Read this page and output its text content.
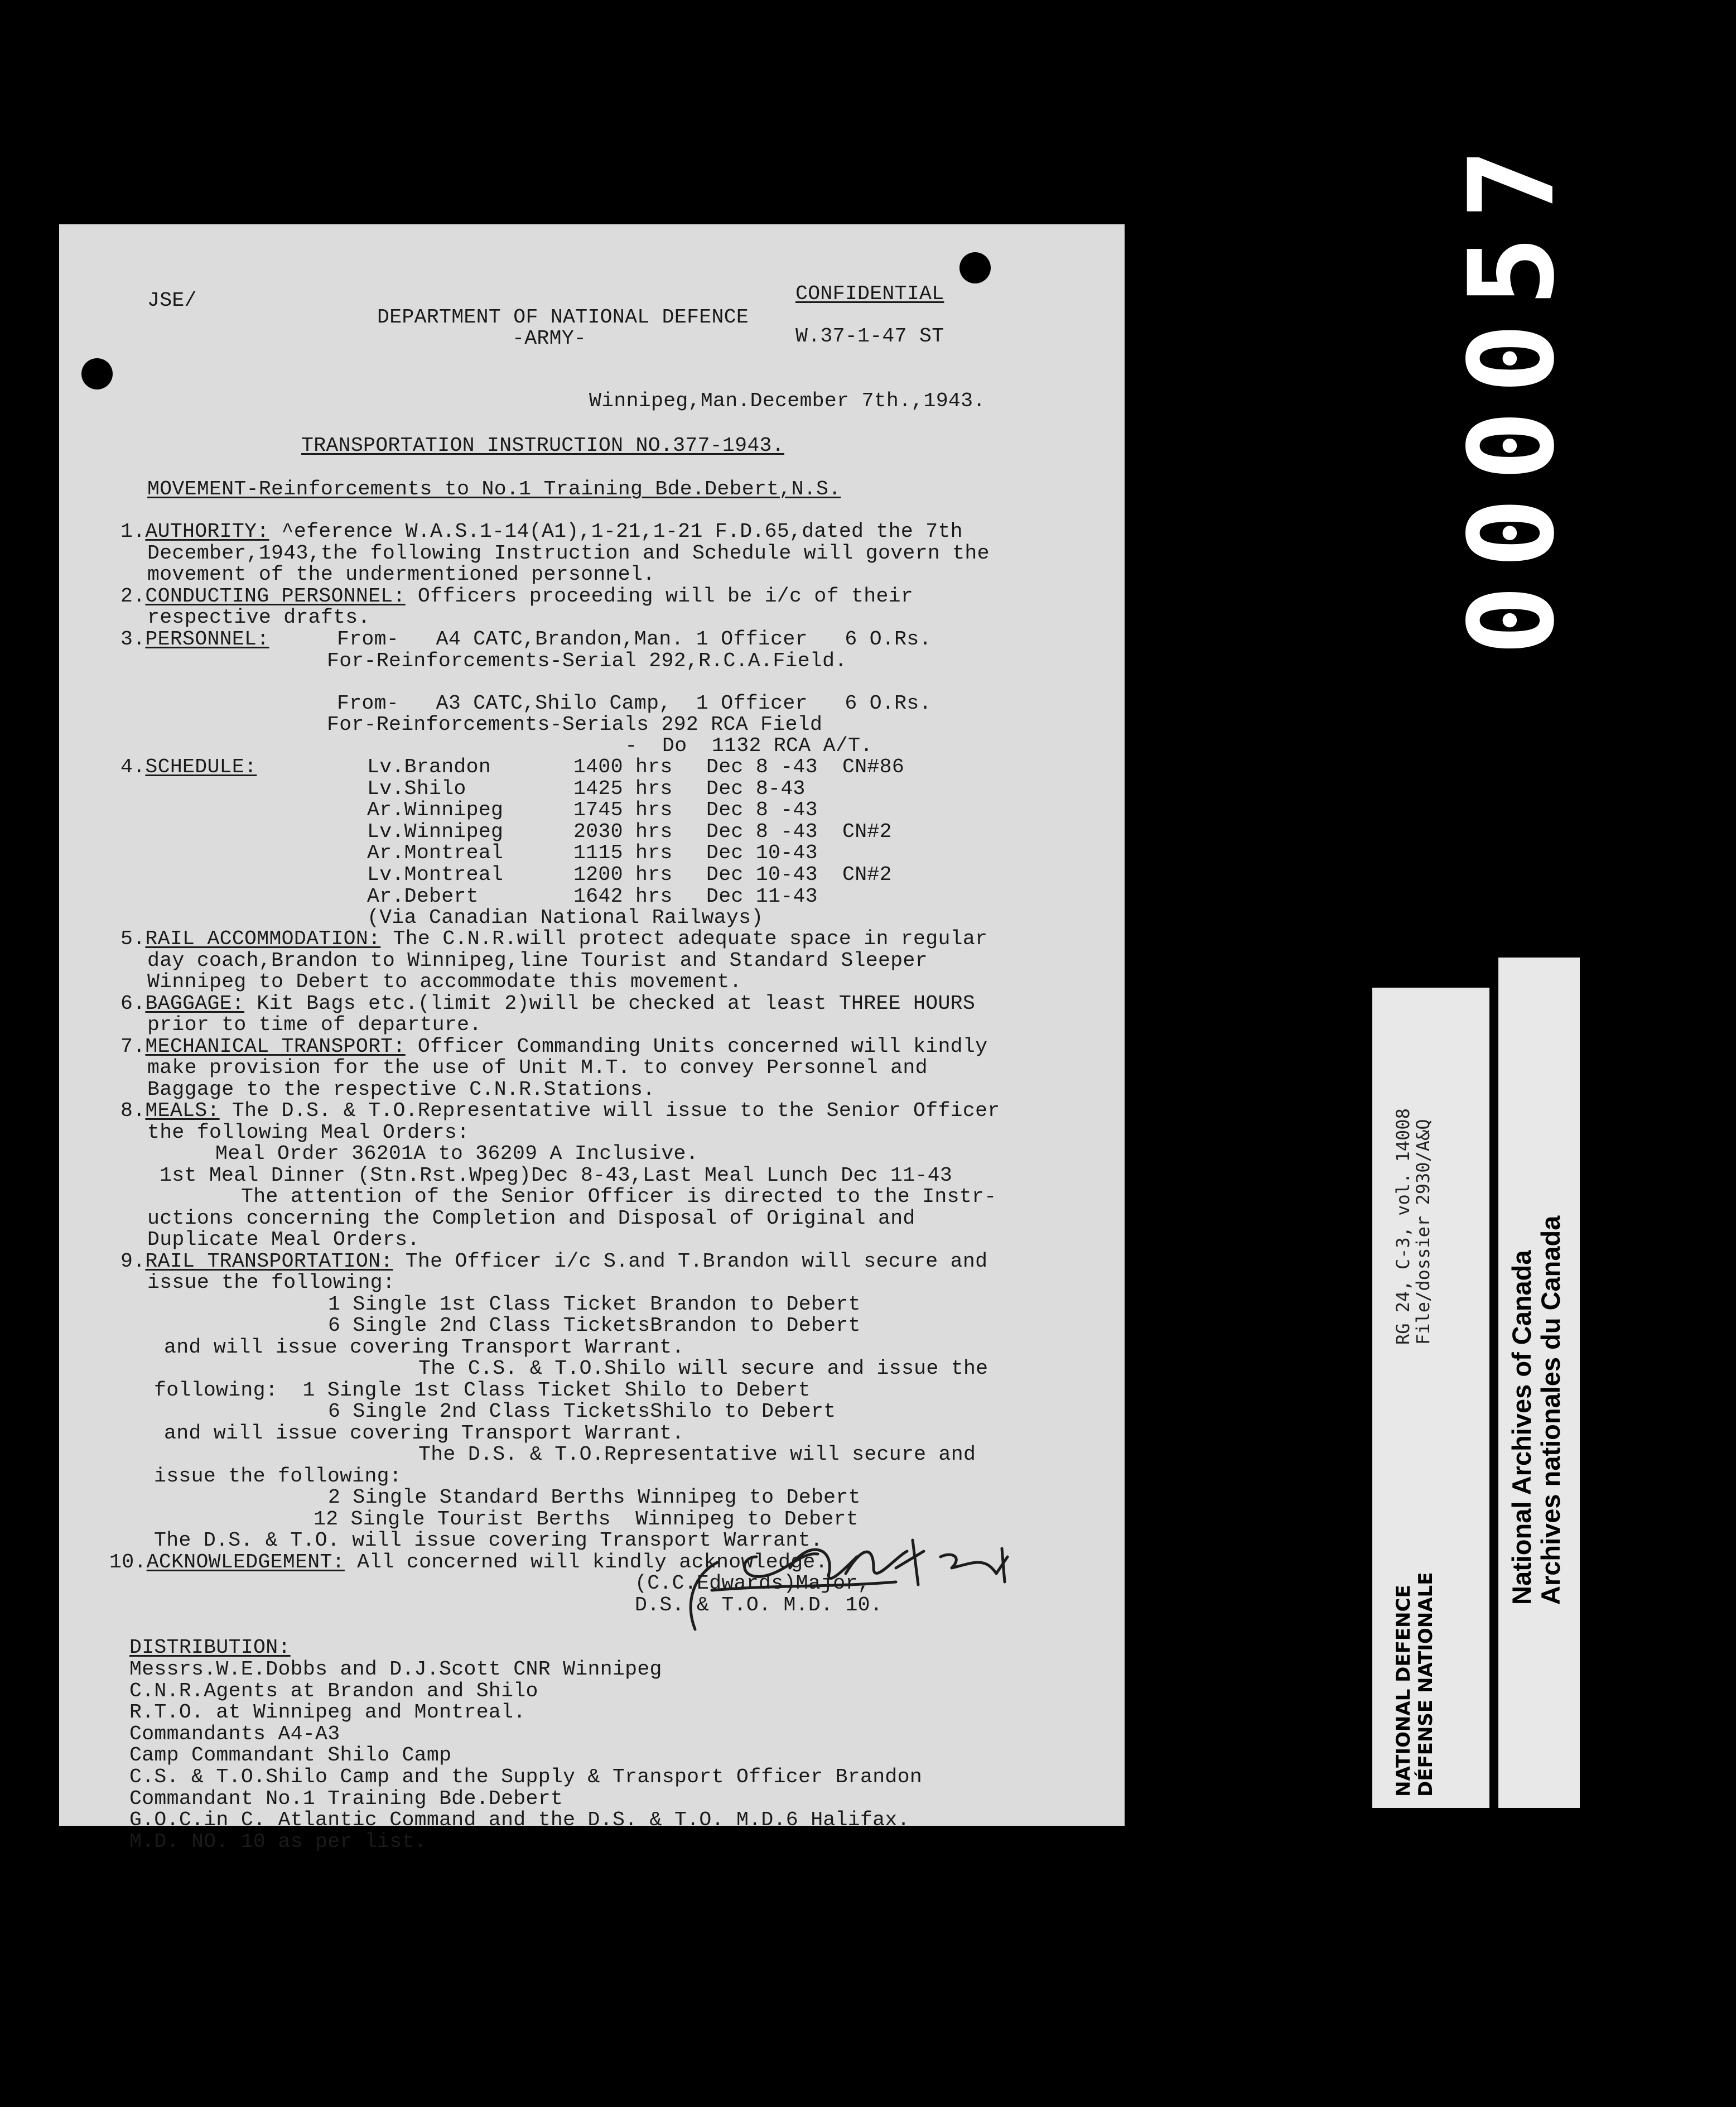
JSE/
DEPARTMENT OF NATIONAL DEFENCE
-ARMY-
CONFIDENTIAL
W.37-1-47 ST
Winnipeg,Man.December 7th.,1943.
TRANSPORTATION INSTRUCTION NO.377-1943.
MOVEMENT-Reinforcements to No.1 Training Bde.Debert,N.S.
1.AUTHORITY: ^eference W.A.S.1-14(A1),1-21,1-21 F.D.65,dated the 7th
December,1943,the following Instruction and Schedule will govern the
movement of the undermentioned personnel.
2.CONDUCTING PERSONNEL: Officers proceeding will be i/c of their
respective drafts.
3.PERSONNEL:	From-   A4 CATC,Brandon,Man. 1 Officer   6 O.Rs.
For-Reinforcements-Serial 292,R.C.A.Field.
From-   A3 CATC,Shilo Camp,  1 Officer   6 O.Rs.
For-Reinforcements-Serials 292 RCA Field
-  Do  1132 RCA A/T.
4.SCHEDULE:	Lv.Brandon	1400 hrs Dec 8 -43 CN#86
Lv.Shilo	1425 hrs Dec 8-43
Ar.Winnipeg	1745 hrs Dec 8 -43
Lv.Winnipeg	2030 hrs Dec 8 -43 CN#2
Ar.Montreal	1115 hrs Dec 10-43
Lv.Montreal	1200 hrs Dec 10-43 CN#2
Ar.Debert	1642 hrs Dec 11-43
(Via Canadian National Railways)
5.RAIL ACCOMMODATION: The C.N.R.will protect adequate space in regular
day coach,Brandon to Winnipeg,line Tourist and Standard Sleeper
Winnipeg to Debert to accommodate this movement.
6.BAGGAGE: Kit Bags etc.(limit 2)will be checked at least THREE HOURS
prior to time of departure.
7.MECHANICAL TRANSPORT: Officer Commanding Units concerned will kindly
make provision for the use of Unit M.T. to convey Personnel and
Baggage to the respective C.N.R.Stations.
8.MEALS: The D.S. & T.O.Representative will issue to the Senior Officer
the following Meal Orders:
Meal Order 36201A to 36209 A Inclusive.
1st Meal Dinner (Stn.Rst.Wpeg)Dec 8-43,Last Meal Lunch Dec 11-43
The attention of the Senior Officer is directed to the Instr-
uctions concerning the Completion and Disposal of Original and
Duplicate Meal Orders.
9.RAIL TRANSPORTATION: The Officer i/c S.and T.Brandon will secure and
issue the following:
1 Single 1st Class Ticket Brandon to Debert
6 Single 2nd Class TicketsBrandon to Debert
and will issue covering Transport Warrant.
The C.S. & T.O.Shilo will secure and issue the
following:  1 Single 1st Class Ticket Shilo to Debert
6 Single 2nd Class TicketsShilo to Debert
and will issue covering Transport Warrant.
The D.S. & T.O.Representative will secure and
issue the following:
2 Single Standard Berths Winnipeg to Debert
12 Single Tourist Berths  Winnipeg to Debert
The D.S. & T.O. will issue covering Transport Warrant.
10.ACKNOWLEDGEMENT: All concerned will kindly acknowledge.
(C.C.Edwards)Major,
D.S. & T.O. M.D. 10.
DISTRIBUTION:
Messrs.W.E.Dobbs and D.J.Scott CNR Winnipeg
C.N.R.Agents at Brandon and Shilo
R.T.O. at Winnipeg and Montreal.
Commandants A4-A3
Camp Commandant Shilo Camp
C.S. & T.O.Shilo Camp and the Supply & Transport Officer Brandon
Commandant No.1 Training Bde.Debert
G.O.C.in C. Atlantic Command and the D.S. & T.O. M.D.6 Halifax.
M.D. NO. 10 as per list.
000057
NATIONAL DEFENCE DÉFENSE NATIONALE
RG 24, C-3, vol. 14008
File/dossier 2930/A&Q
National Archives of Canada Archives nationales du Canada
